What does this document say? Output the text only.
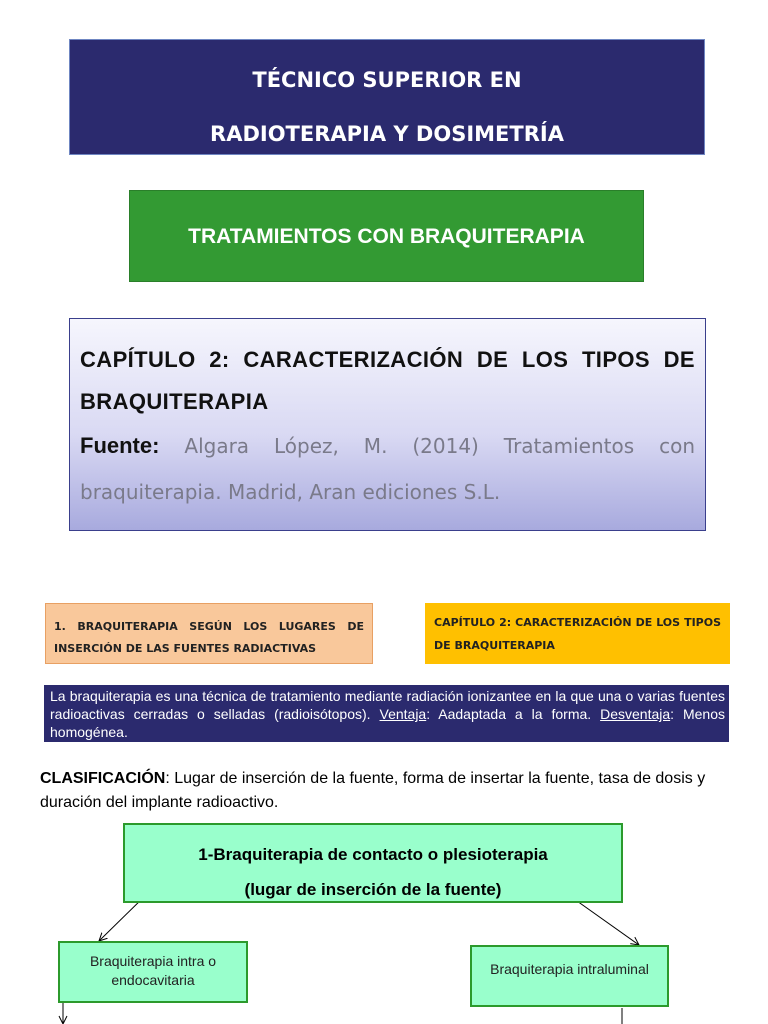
TÉCNICO SUPERIOR EN
RADIOTERAPIA Y DOSIMETRÍA
TRATAMIENTOS CON BRAQUITERAPIA
CAPÍTULO 2: CARACTERIZACIÓN DE LOS TIPOS DE BRAQUITERAPIA
Fuente: Algara López, M. (2014) Tratamientos con braquiterapia. Madrid, Aran ediciones S.L.
1. BRAQUITERAPIA SEGÚN LOS LUGARES DE INSERCIÓN DE LAS FUENTES RADIACTIVAS
CAPÍTULO 2: CARACTERIZACIÓN DE LOS TIPOS DE BRAQUITERAPIA
La braquiterapia es una técnica de tratamiento mediante radiación ionizantee en la que una o varias fuentes radioactivas cerradas o selladas (radioisótopos). Ventaja: Aadaptada a la forma. Desventaja: Menos homogénea.
CLASIFICACIÓN: Lugar de inserción de la fuente, forma de insertar la fuente, tasa de dosis y duración del implante radioactivo.
1-Braquiterapia de contacto o plesioterapia
(lugar de inserción de la fuente)
Braquiterapia intra o endocavitaria
Braquiterapia intraluminal
